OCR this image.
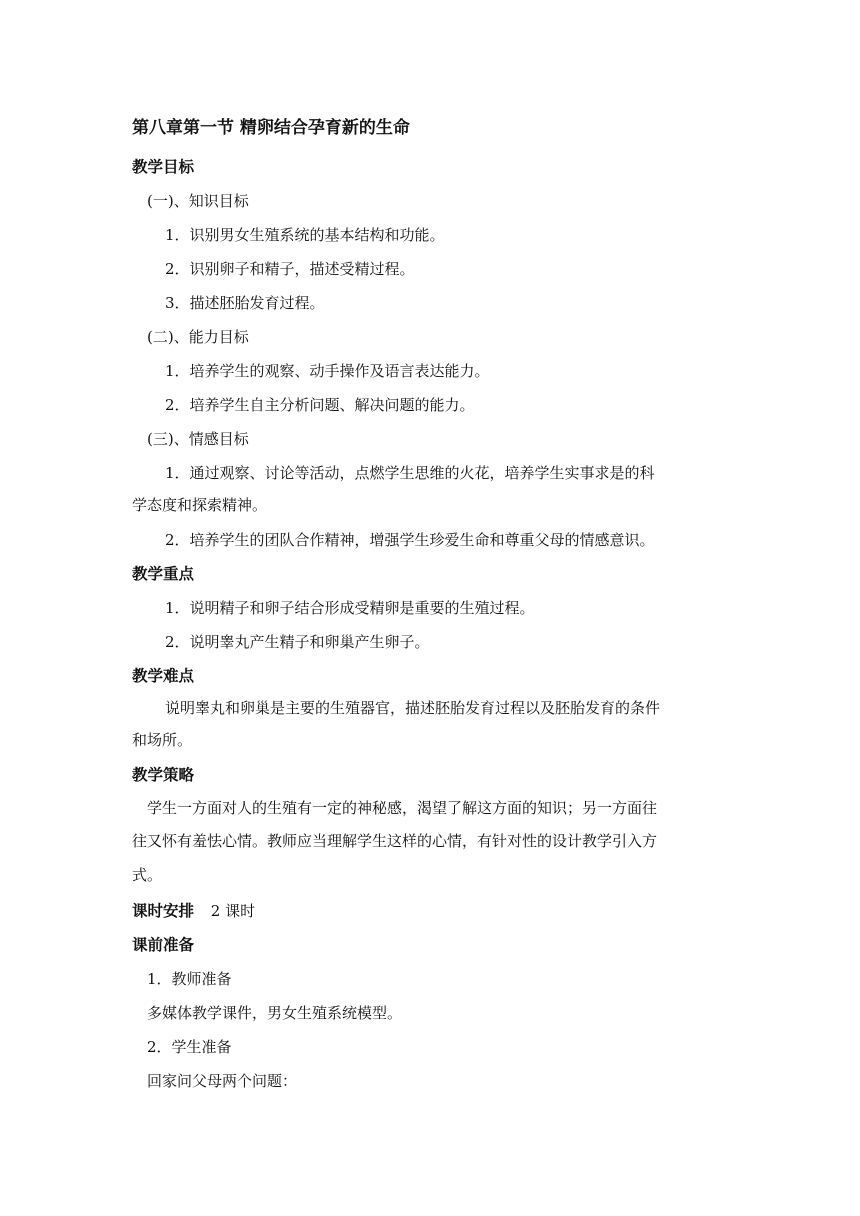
第八章第一节 精卵结合孕育新的生命
教学目标
(一)、知识目标
1．识别男女生殖系统的基本结构和功能。
2．识别卵子和精子，描述受精过程。
3．描述胚胎发育过程。
(二)、能力目标
1．培养学生的观察、动手操作及语言表达能力。
2．培养学生自主分析问题、解决问题的能力。
(三)、情感目标
1．通过观察、讨论等活动，点燃学生思维的火花，培养学生实事求是的科
学态度和探索精神。
2．培养学生的团队合作精神，增强学生珍爱生命和尊重父母的情感意识。
教学重点
1．说明精子和卵子结合形成受精卵是重要的生殖过程。
2．说明睾丸产生精子和卵巢产生卵子。
教学难点
说明睾丸和卵巢是主要的生殖器官，描述胚胎发育过程以及胚胎发育的条件
和场所。
教学策略
学生一方面对人的生殖有一定的神秘感，渴望了解这方面的知识；另一方面往
往又怀有羞怯心情。教师应当理解学生这样的心情，有针对性的设计教学引入方
式。
课时安排 2 课时
课前准备
1．教师准备
多媒体教学课件，男女生殖系统模型。
2．学生准备
回家问父母两个问题：
